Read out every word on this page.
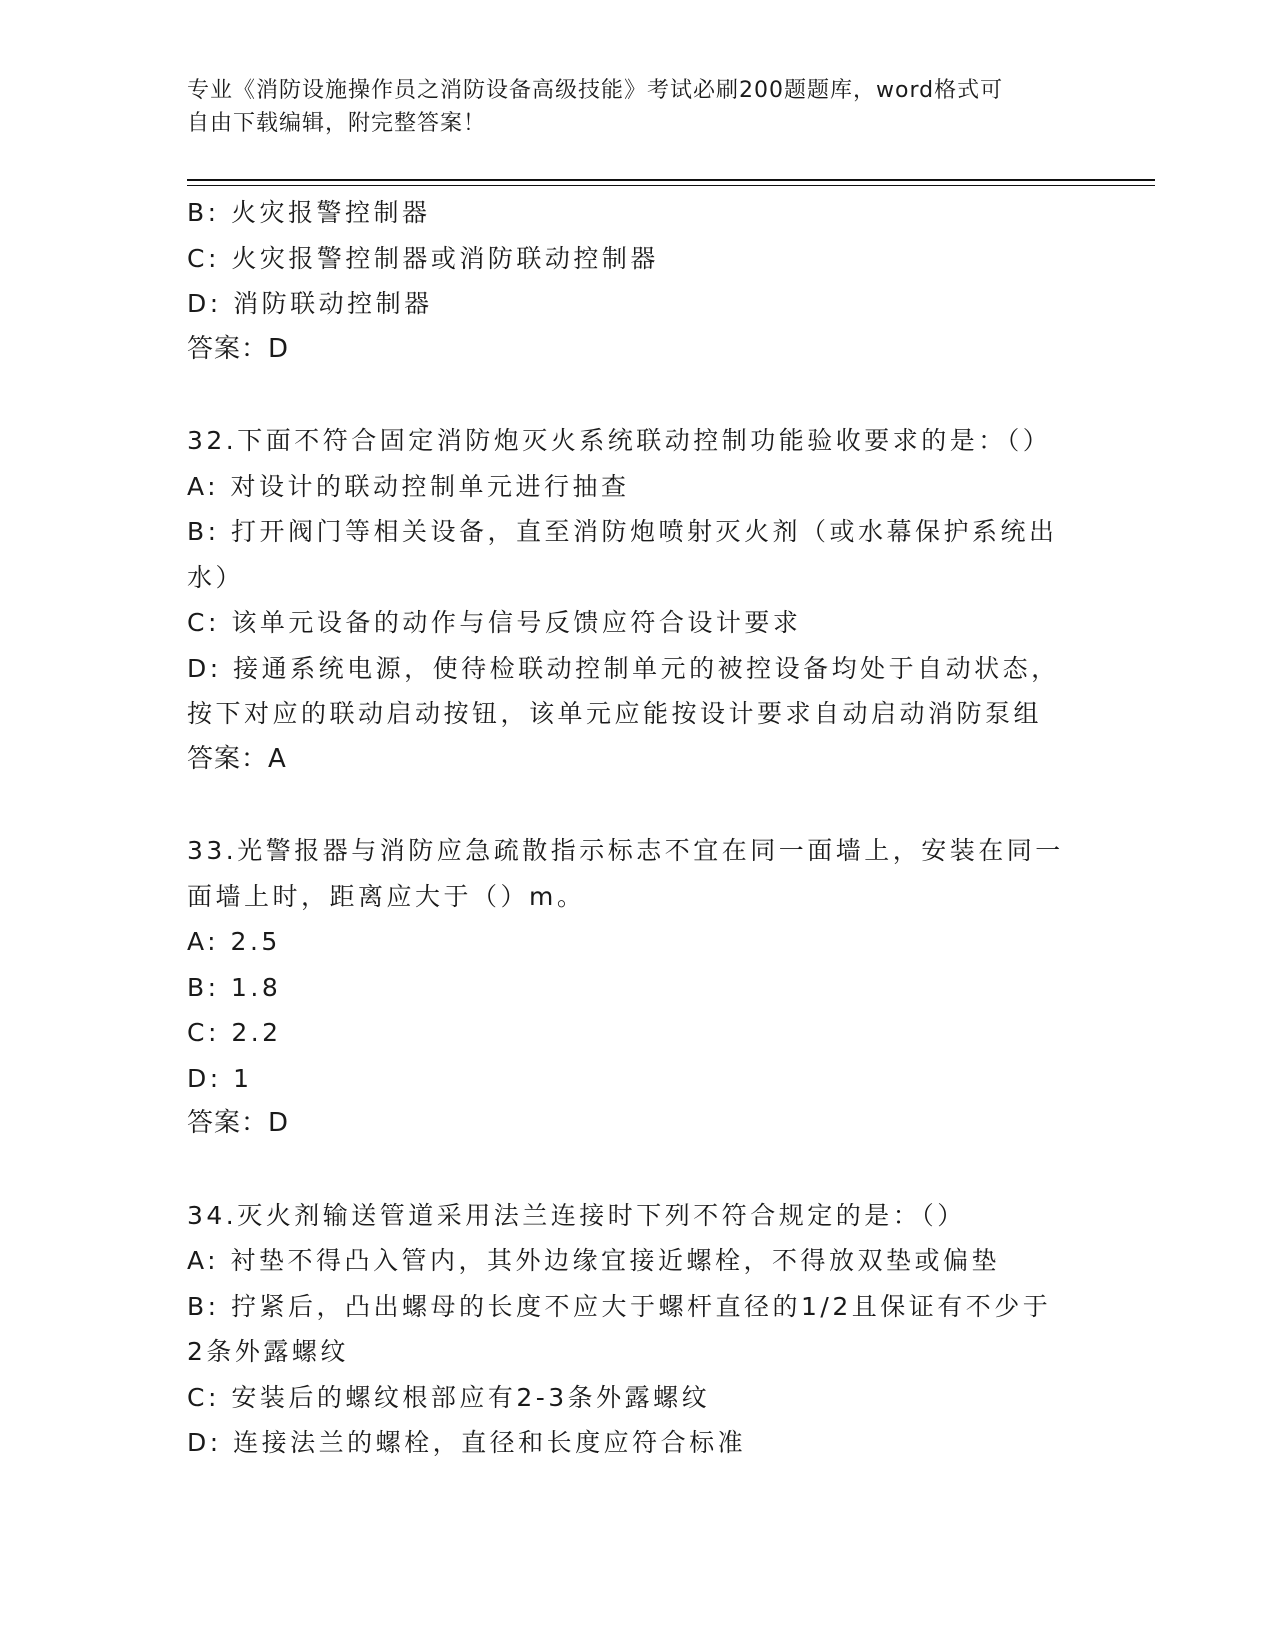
专业《消防设施操作员之消防设备高级技能》考试必刷200题题库，word格式可
自由下载编辑，附完整答案！
B: 火灾报警控制器
C: 火灾报警控制器或消防联动控制器
D: 消防联动控制器
答案：D
32.下面不符合固定消防炮灭火系统联动控制功能验收要求的是：（）
A: 对设计的联动控制单元进行抽查
B: 打开阀门等相关设备，直至消防炮喷射灭火剂（或水幕保护系统出
水）
C: 该单元设备的动作与信号反馈应符合设计要求
D: 接通系统电源，使待检联动控制单元的被控设备均处于自动状态，
按下对应的联动启动按钮，该单元应能按设计要求自动启动消防泵组
答案：A
33.光警报器与消防应急疏散指示标志不宜在同一面墙上，安装在同一
面墙上时，距离应大于（）m。
A: 2.5
B: 1.8
C: 2.2
D: 1
答案：D
34.灭火剂输送管道采用法兰连接时下列不符合规定的是：（）
A: 衬垫不得凸入管内，其外边缘宜接近螺栓，不得放双垫或偏垫
B: 拧紧后，凸出螺母的长度不应大于螺杆直径的1/2且保证有不少于
2条外露螺纹
C: 安装后的螺纹根部应有2-3条外露螺纹
D: 连接法兰的螺栓，直径和长度应符合标准
